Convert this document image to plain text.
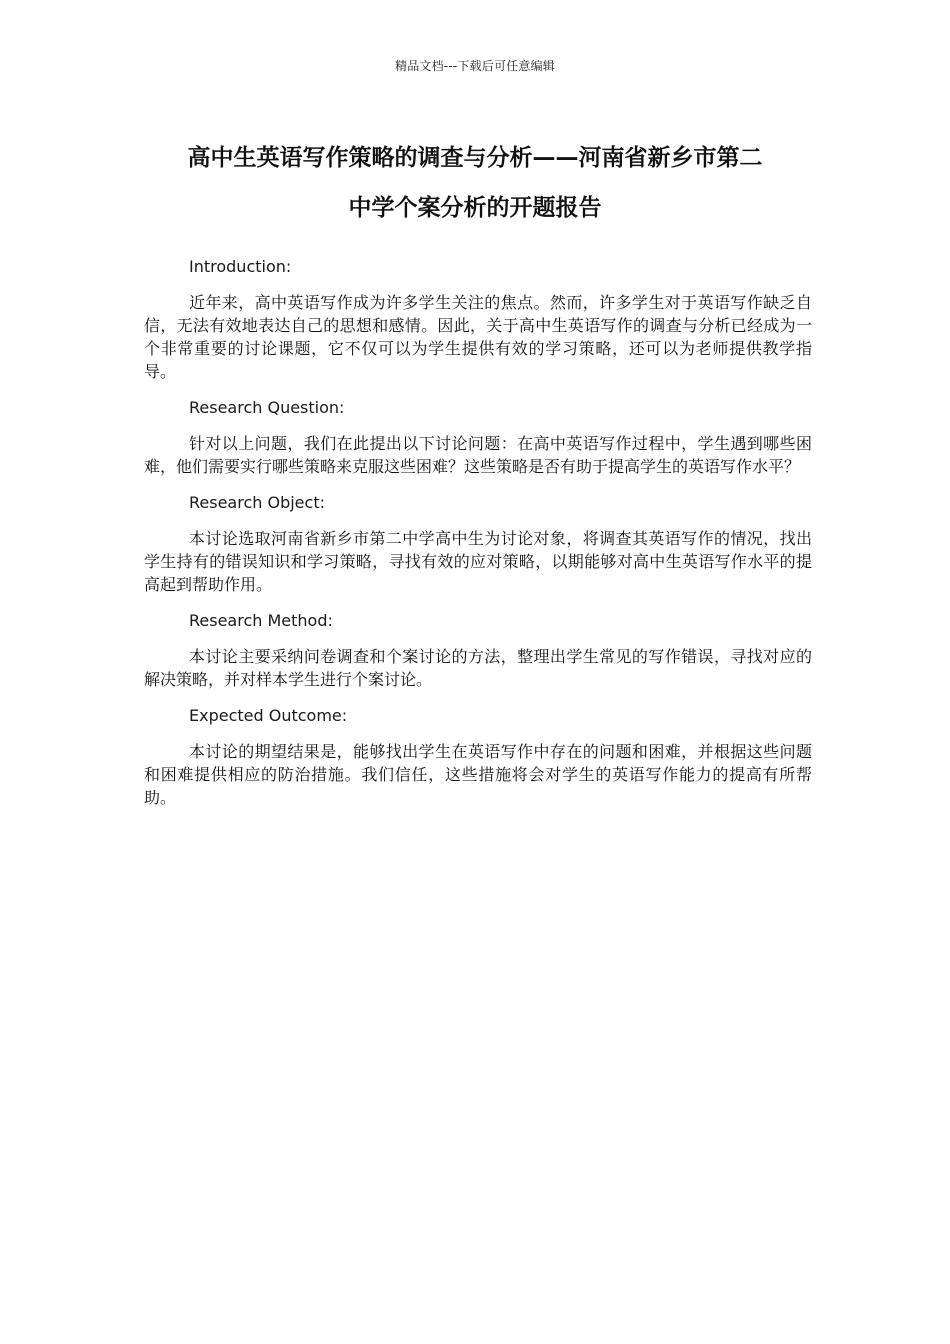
精品文档---下载后可任意编辑
高中生英语写作策略的调查与分析——河南省新乡市第二
中学个案分析的开题报告

Introduction:

近年来，高中英语写作成为许多学生关注的焦点。然而，许多学生对于英语写作缺乏自信，无法有效地表达自己的思想和感情。因此，关于高中生英语写作的调查与分析已经成为一个非常重要的讨论课题，它不仅可以为学生提供有效的学习策略，还可以为老师提供教学指导。

Research Question:

针对以上问题，我们在此提出以下讨论问题：在高中英语写作过程中，学生遇到哪些困难，他们需要实行哪些策略来克服这些困难？这些策略是否有助于提高学生的英语写作水平？

Research Object:

本讨论选取河南省新乡市第二中学高中生为讨论对象，将调查其英语写作的情况，找出学生持有的错误知识和学习策略，寻找有效的应对策略，以期能够对高中生英语写作水平的提高起到帮助作用。

Research Method:

本讨论主要采纳问卷调查和个案讨论的方法，整理出学生常见的写作错误，寻找对应的解决策略，并对样本学生进行个案讨论。

Expected Outcome:

本讨论的期望结果是，能够找出学生在英语写作中存在的问题和困难，并根据这些问题和困难提供相应的防治措施。我们信任，这些措施将会对学生的英语写作能力的提高有所帮助。
